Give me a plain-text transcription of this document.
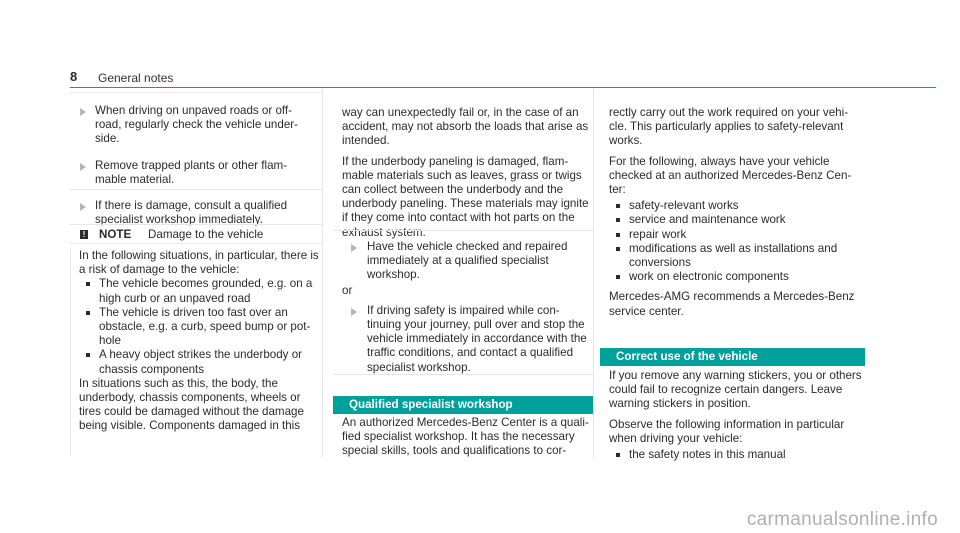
8 General notes
When driving on unpaved roads or off-road, regularly check the vehicle under-side.
Remove trapped plants or other flam-mable material.
If there is damage, consult a qualified specialist workshop immediately.
! NOTE Damage to the vehicle

In the following situations, in particular, there is a risk of damage to the vehicle:

The vehicle becomes grounded, e.g. on a high curb or an unpaved road
The vehicle is driven too fast over an obstacle, e.g. a curb, speed bump or pot-hole
A heavy object strikes the underbody or chassis components

In situations such as this, the body, the underbody, chassis components, wheels or tires could be damaged without the damage being visible. Components damaged in this

way can unexpectedly fail or, in the case of an accident, may not absorb the loads that arise as intended.

If the underbody paneling is damaged, flam-mable materials such as leaves, grass or twigs can collect between the underbody and the underbody paneling. These materials may ignite if they come into contact with hot parts on the exhaust system.

Have the vehicle checked and repaired immediately at a qualified specialist workshop.

or

If driving safety is impaired while con-tinuing your journey, pull over and stop the vehicle immediately in accordance with the traffic conditions, and contact a qualified specialist workshop.
Qualified specialist workshop

An authorized Mercedes-Benz Center is a quali-fied specialist workshop. It has the necessary special skills, tools and qualifications to cor-

rectly carry out the work required on your vehi-cle. This particularly applies to safety-relevant works.

For the following, always have your vehicle checked at an authorized Mercedes-Benz Cen-ter:

safety-relevant works
service and maintenance work
repair work
modifications as well as installations and conversions
work on electronic components

Mercedes-AMG recommends a Mercedes-Benz service center.

Correct use of the vehicle

If you remove any warning stickers, you or others could fail to recognize certain dangers. Leave warning stickers in position.

Observe the following information in particular when driving your vehicle:

the safety notes in this manual
carmanualsonline.info
